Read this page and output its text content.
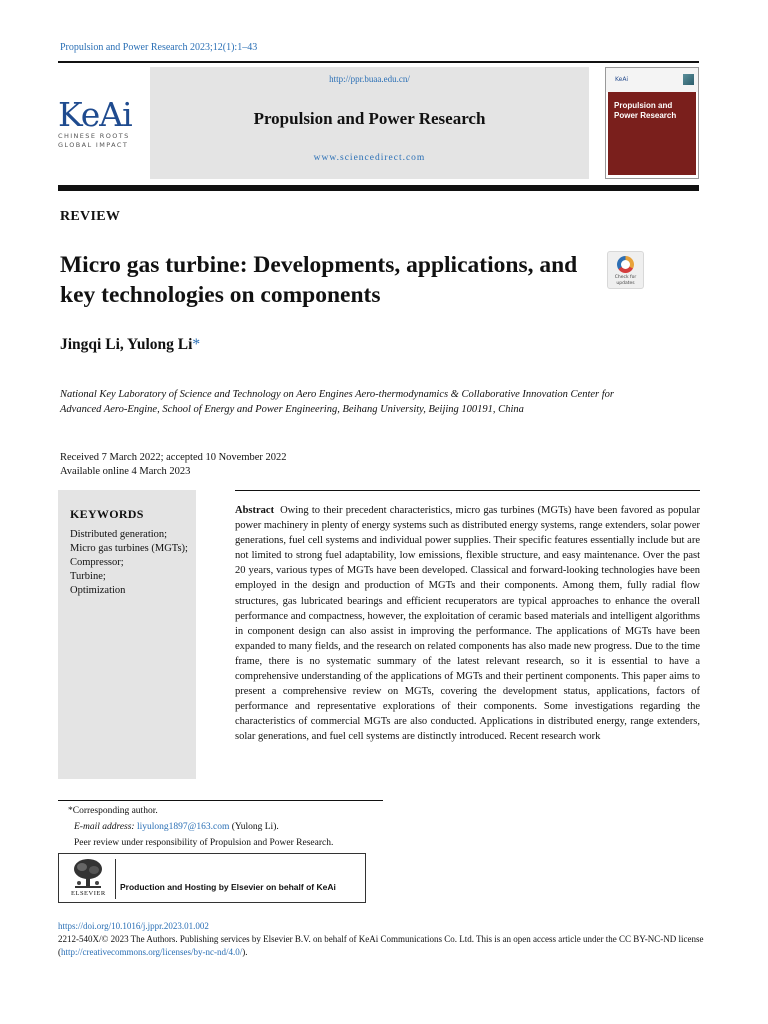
Propulsion and Power Research 2023;12(1):1–43
KeAi
CHINESE ROOTS
GLOBAL IMPACT
http://ppr.buaa.edu.cn/
Propulsion and Power Research
www.sciencedirect.com
KeAi
Propulsion and Power Research
REVIEW
Micro gas turbine: Developments, applications, and key technologies on components
Check for updates
Jingqi Li, Yulong Li*
National Key Laboratory of Science and Technology on Aero Engines Aero-thermodynamics & Collaborative Innovation Center for Advanced Aero-Engine, School of Energy and Power Engineering, Beihang University, Beijing 100191, China
Received 7 March 2022; accepted 10 November 2022
Available online 4 March 2023
KEYWORDS
Distributed generation;
Micro gas turbines (MGTs);
Compressor;
Turbine;
Optimization
Abstract Owing to their precedent characteristics, micro gas turbines (MGTs) have been favored as popular power machinery in plenty of energy systems such as distributed energy systems, range extenders, solar power generations, fuel cell systems and individual power supplies. Their specific features essentially include but are not limited to strong fuel adaptability, low emissions, flexible structure, and easy maintenance. Over the past 20 years, various types of MGTs have been developed. Classical and forward-looking technologies have been employed in the design and production of MGTs and their components. Among them, fully radial flow structures, gas lubricated bearings and efficient recuperators are typical approaches to enhance the overall performance and compactness, however, the exploitation of ceramic based materials and intelligent algorithms in component design can also assist in improving the performance. The applications of MGTs have been expanded to many fields, and the research on related components has also made new progress. Due to the time frame, there is no systematic summary of the latest relevant research, so it is essential to have a comprehensive understanding of the applications of MGTs and their pertinent components. This paper aims to present a comprehensive review on MGTs, covering the development status, applications, factors of performance and representative explorations of their components. Some investigations regarding the characteristics of commercial MGTs are also conducted. Applications in distributed energy, range extenders, solar generations, and fuel cell systems are distinctly introduced. Recent research work
*Corresponding author.
E-mail address: liyulong1897@163.com (Yulong Li).
Peer review under responsibility of Propulsion and Power Research.
ELSEVIER
Production and Hosting by Elsevier on behalf of KeAi
https://doi.org/10.1016/j.jppr.2023.01.002
2212-540X/© 2023 The Authors. Publishing services by Elsevier B.V. on behalf of KeAi Communications Co. Ltd. This is an open access article under the CC BY-NC-ND license (http://creativecommons.org/licenses/by-nc-nd/4.0/).
